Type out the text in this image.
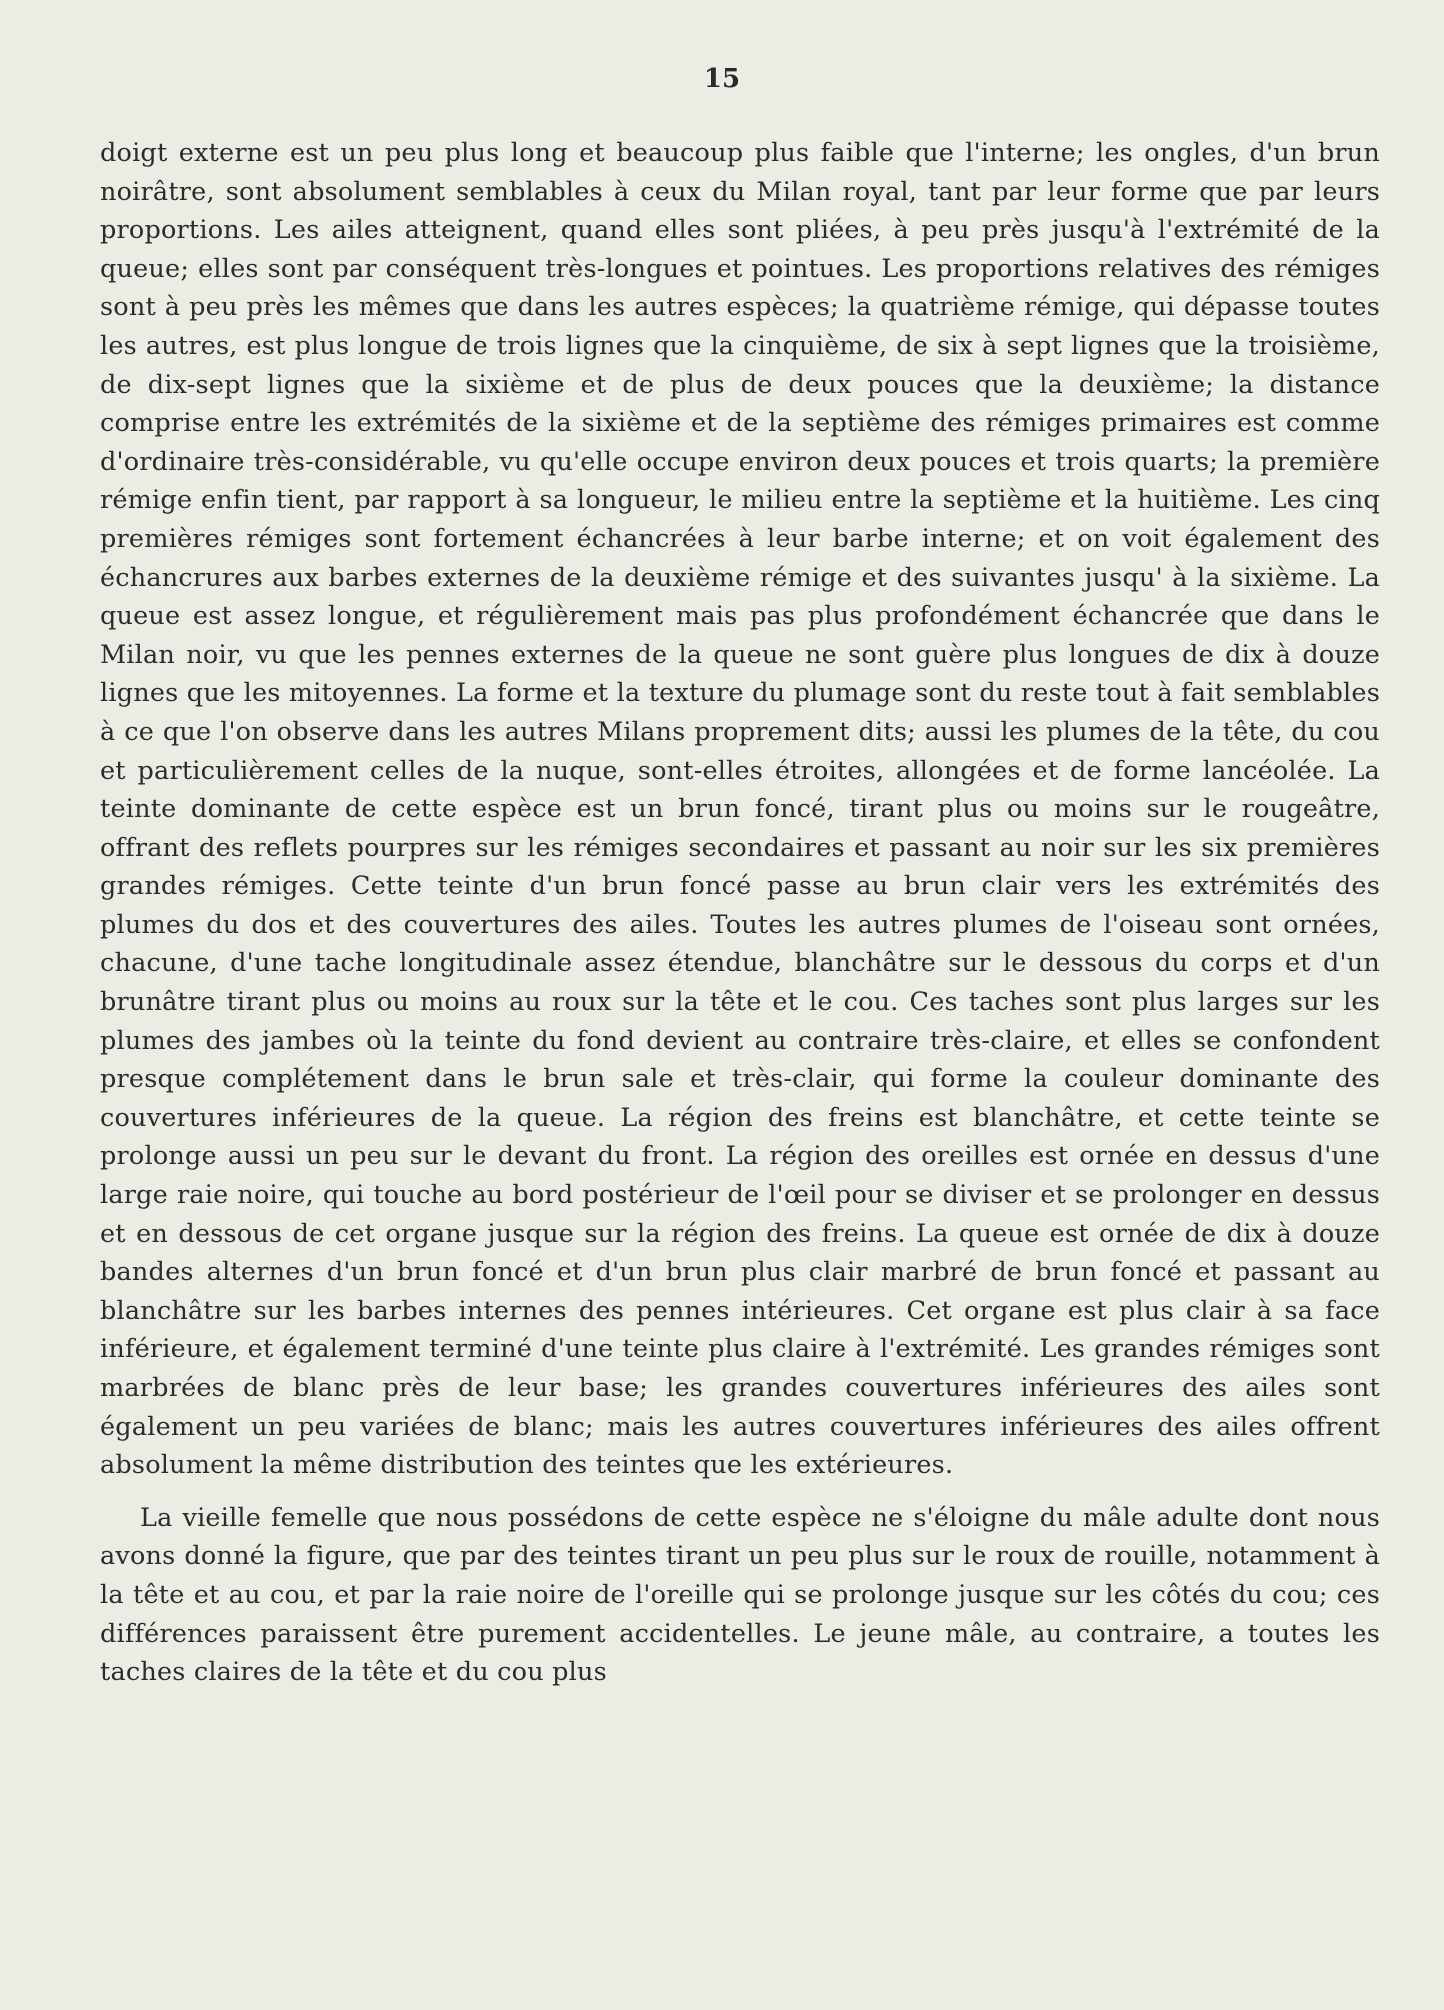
15

doigt externe est un peu plus long et beaucoup plus faible que l'interne; les ongles, d'un brun noirâtre, sont absolument semblables à ceux du Milan royal, tant par leur forme que par leurs proportions. Les ailes atteignent, quand elles sont pliées, à peu près jusqu'à l'extrémité de la queue; elles sont par conséquent très-longues et pointues. Les proportions relatives des rémiges sont à peu près les mêmes que dans les autres espèces; la quatrième rémige, qui dépasse toutes les autres, est plus longue de trois lignes que la cinquième, de six à sept lignes que la troisième, de dix-sept lignes que la sixième et de plus de deux pouces que la deuxième; la distance comprise entre les extrémités de la sixième et de la septième des rémiges primaires est comme d'ordinaire très-considérable, vu qu'elle occupe environ deux pouces et trois quarts; la première rémige enfin tient, par rapport à sa longueur, le milieu entre la septième et la huitième. Les cinq premières rémiges sont fortement échancrées à leur barbe interne; et on voit également des échancrures aux barbes externes de la deuxième rémige et des suivantes jusqu' à la sixième. La queue est assez longue, et régulièrement mais pas plus profondément échancrée que dans le Milan noir, vu que les pennes externes de la queue ne sont guère plus longues de dix à douze lignes que les mitoyennes. La forme et la texture du plumage sont du reste tout à fait semblables à ce que l'on observe dans les autres Milans proprement dits; aussi les plumes de la tête, du cou et particulièrement celles de la nuque, sont-elles étroites, allongées et de forme lancéolée. La teinte dominante de cette espèce est un brun foncé, tirant plus ou moins sur le rougeâtre, offrant des reflets pourpres sur les rémiges secondaires et passant au noir sur les six premières grandes rémiges. Cette teinte d'un brun foncé passe au brun clair vers les extrémités des plumes du dos et des couvertures des ailes. Toutes les autres plumes de l'oiseau sont ornées, chacune, d'une tache longitudinale assez étendue, blanchâtre sur le dessous du corps et d'un brunâtre tirant plus ou moins au roux sur la tête et le cou. Ces taches sont plus larges sur les plumes des jambes où la teinte du fond devient au contraire très-claire, et elles se confondent presque complétement dans le brun sale et très-clair, qui forme la couleur dominante des couvertures inférieures de la queue. La région des freins est blanchâtre, et cette teinte se prolonge aussi un peu sur le devant du front. La région des oreilles est ornée en dessus d'une large raie noire, qui touche au bord postérieur de l'œil pour se diviser et se prolonger en dessus et en dessous de cet organe jusque sur la région des freins. La queue est ornée de dix à douze bandes alternes d'un brun foncé et d'un brun plus clair marbré de brun foncé et passant au blanchâtre sur les barbes internes des pennes intérieures. Cet organe est plus clair à sa face inférieure, et également terminé d'une teinte plus claire à l'extrémité. Les grandes rémiges sont marbrées de blanc près de leur base; les grandes couvertures inférieures des ailes sont également un peu variées de blanc; mais les autres couvertures inférieures des ailes offrent absolument la même distribution des teintes que les extérieures.

La vieille femelle que nous possédons de cette espèce ne s'éloigne du mâle adulte dont nous avons donné la figure, que par des teintes tirant un peu plus sur le roux de rouille, notamment à la tête et au cou, et par la raie noire de l'oreille qui se prolonge jusque sur les côtés du cou; ces différences paraissent être purement accidentelles. Le jeune mâle, au contraire, a toutes les taches claires de la tête et du cou plus
